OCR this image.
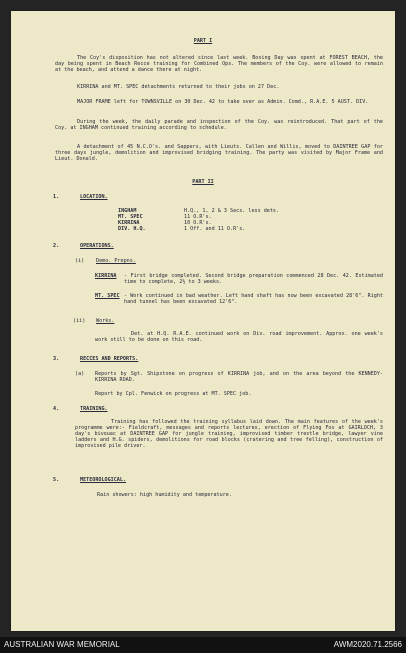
PART I
The Coy's disposition has not altered since last week. Boxing Day was spent at FOREST BEACH, the day being spent in Beach Recce training for Combined Ops. The members of the Coy. were allowed to remain at the beach, and attend a dance there at night.
KIRRINA and MT. SPEC detachments returned to their jobs on 27 Dec.
MAJOR FRAME left for TOWNSVILLE on 30 Dec. 42 to take over as Admin. Comd., R.A.E. 5 AUST. DIV.
During the week, the daily parade and inspection of the Coy. was reintroduced. That part of the Coy. at INGHAM continued training according to schedule.
A detachment of 45 N.C.O's. and Sappers, with Lieuts. Callen and Willis, moved to DAINTREE GAP for three days jungle, demolition and improvised bridging training. The party was visited by Major Frame and Lieut. Donald.
PART II
1.	LOCATION.
INGHAM	H.Q., 1, 2 & 3 Secs. less dets.
MT. SPEC	11 O.R's.
KIRRINA	10 O.R's.
DIV. H.Q.	1 Off. and 11 O.R's.
2.	OPERATIONS.
(i) Demo. Prepns.
KIRRINA - First bridge completed. Second bridge preparation commenced 28 Dec. 42. Estimated time to complete, 2½ to 3 weeks.
MT. SPEC - Work continued in bad weather. Left hand shaft has now been excavated 28'6". Right hand tunnel has been excavated 12'6".
(ii) Works.
Det. at H.Q. R.A.E. continued work on Div. road improvement. Approx. one week's work still to be done on this road.
3.	RECCES AND REPORTS.
(a) Reports by Sgt. Shipstone on progress of KIRRINA job, and on the area beyond the KENNEDY-KIRRINA ROAD.
Report by Cpl. Fenwick on progress at MT. SPEC job.
4.	TRAINING.
Training has followed the training syllabus laid down. The main features of the week's programme were:- Fieldcraft, messages and reports lectures, erection of Flying Fox at GAIRLOCH, 3 day's bivouac at DAINTREE GAP for jungle training, improvised timber trestle bridge, lawyer vine ladders and H.G. spiders, demolitions for road blocks (cratering and tree felling), construction of improvised pile driver.
5.	METEOROLOGICAL.
Rain showers: high humidity and temperature.
AUSTRALIAN WAR MEMORIAL	AWM2020.71.2566
